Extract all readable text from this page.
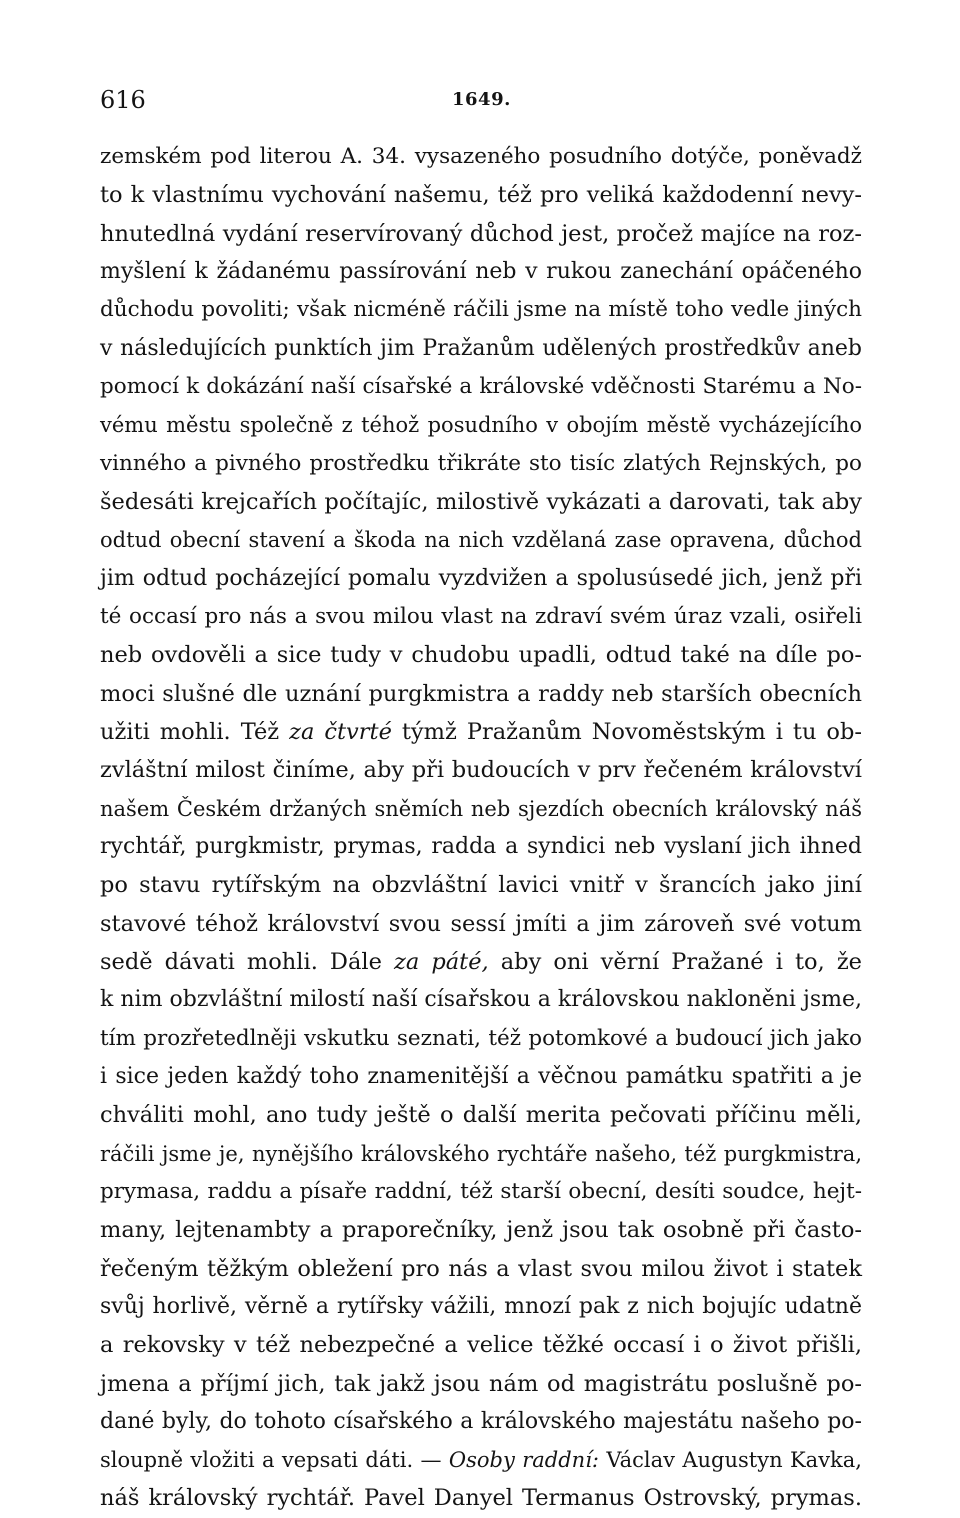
616	1649.
zemském pod literou A. 34. vysazeného posudního dotýče, poněvadž
to k vlastnímu vychování našemu, též pro veliká každodenní nevy-
hnutedlná vydání reservírovaný důchod jest, pročež majíce na roz-
myšlení k žádanému passírování neb v rukou zanechání opáčeného
důchodu povoliti; však nicméně ráčili jsme na místě toho vedle jiných
v následujících punktích jim Pražanům udělených prostředkův aneb
pomocí k dokázání naší císařské a královské vděčnosti Starému a No-
vému městu společně z téhož posudního v obojím městě vycházejícího
vinného a pivného prostředku třikráte sto tisíc zlatých Rejnských, po
šedesáti krejcařích počítajíc, milostivě vykázati a darovati, tak aby
odtud obecní stavení a škoda na nich vzdělaná zase opravena, důchod
jim odtud pocházející pomalu vyzdvižen a spolusúsedé jich, jenž při
té occasí pro nás a svou milou vlast na zdraví svém úraz vzali, osiřeli
neb ovdověli a sice tudy v chudobu upadli, odtud také na díle po-
moci slušné dle uznání purgkmistra a raddy neb starších obecních
užiti mohli. Též za čtvrté týmž Pražanům Novoměstským i tu ob-
zvláštní milost činíme, aby při budoucích v prv řečeném království
našem Českém držaných sněmích neb sjezdích obecních královský náš
rychtář, purgkmistr, prymas, radda a syndici neb vyslaní jich ihned
po stavu rytířským na obzvláštní lavici vnitř v šrancích jako jiní
stavové téhož království svou sessí jmíti a jim zároveň své votum
sedě dávati mohli. Dále za páté, aby oni věrní Pražané i to, že
k nim obzvláštní milostí naší císařskou a královskou nakloněni jsme,
tím prozřetedlněji vskutku seznati, též potomkové a budoucí jich jako
i sice jeden každý toho znamenitější a věčnou památku spatřiti a je
chváliti mohl, ano tudy ještě o další merita pečovati příčinu měli,
ráčili jsme je, nynějšího královského rychtáře našeho, též purgkmistra,
prymasa, raddu a písaře raddní, též starší obecní, desíti soudce, hejt-
many, lejtenambty a praporečníky, jenž jsou tak osobně při často-
řečeným těžkým obležení pro nás a vlast svou milou život i statek
svůj horlivě, věrně a rytířsky vážili, mnozí pak z nich bojujíc udatně
a rekovsky v též nebezpečné a velice těžké occasí i o život přišli,
jmena a příjmí jich, tak jakž jsou nám od magistrátu poslušně po-
dané byly, do tohoto císařského a královského majestátu našeho po-
sloupně vložiti a vepsati dáti. — Osoby raddní: Václav Augustyn Kavka,
náš královský rychtář. Pavel Danyel Termanus Ostrovský, prymas.
